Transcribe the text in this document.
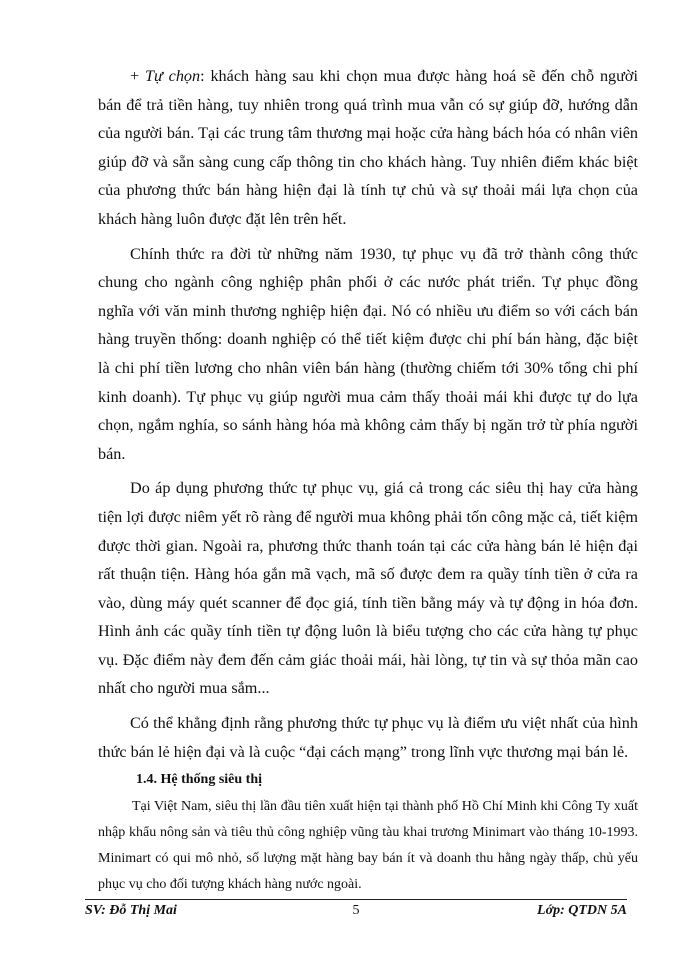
+ Tự chọn: khách hàng sau khi chọn mua được hàng hoá sẽ đến chỗ người bán để trả tiền hàng, tuy nhiên trong quá trình mua vẫn có sự giúp đỡ, hướng dẫn của người bán. Tại các trung tâm thương mại hoặc cửa hàng bách hóa có nhân viên giúp đỡ và sẵn sàng cung cấp thông tin cho khách hàng. Tuy nhiên điểm khác biệt của phương thức bán hàng hiện đại là tính tự chủ và sự thoải mái lựa chọn của khách hàng luôn được đặt lên trên hết.

Chính thức ra đời từ những năm 1930, tự phục vụ đã trở thành công thức chung cho ngành công nghiệp phân phối ở các nước phát triển. Tự phục đồng nghĩa với văn minh thương nghiệp hiện đại. Nó có nhiều ưu điểm so với cách bán hàng truyền thống: doanh nghiệp có thể tiết kiệm được chi phí bán hàng, đặc biệt là chi phí tiền lương cho nhân viên bán hàng (thường chiếm tới 30% tổng chi phí kinh doanh). Tự phục vụ giúp người mua cảm thấy thoải mái khi được tự do lựa chọn, ngắm nghía, so sánh hàng hóa mà không cảm thấy bị ngăn trở từ phía người bán.

Do áp dụng phương thức tự phục vụ, giá cả trong các siêu thị hay cửa hàng tiện lợi được niêm yết rõ ràng để người mua không phải tốn công mặc cả, tiết kiệm được thời gian. Ngoài ra, phương thức thanh toán tại các cửa hàng bán lẻ hiện đại rất thuận tiện. Hàng hóa gắn mã vạch, mã số được đem ra quầy tính tiền ở cửa ra vào, dùng máy quét scanner để đọc giá, tính tiền bằng máy và tự động in hóa đơn. Hình ảnh các quầy tính tiền tự động luôn là biểu tượng cho các cửa hàng tự phục vụ. Đặc điểm này đem đến cảm giác thoải mái, hài lòng, tự tin và sự thỏa mãn cao nhất cho người mua sắm...

Có thể khẳng định rằng phương thức tự phục vụ là điểm ưu việt nhất của hình thức bán lẻ hiện đại và là cuộc “đại cách mạng” trong lĩnh vực thương mại bán lẻ.

1.4. Hệ thống siêu thị

Tại Việt Nam, siêu thị lần đầu tiên xuất hiện tại thành phố Hồ Chí Minh khi Công Ty xuất nhập khẩu nông sản và tiêu thủ công nghiệp vũng tàu khai trương Minimart vào tháng 10-1993. Minimart có qui mô nhỏ, số lượng mặt hàng bay bán ít và doanh thu hằng ngày thấp, chủ yếu phục vụ cho đối tượng khách hàng nước ngoài.

SV: Đỗ Thị Mai	5	Lớp: QTDN 5A
